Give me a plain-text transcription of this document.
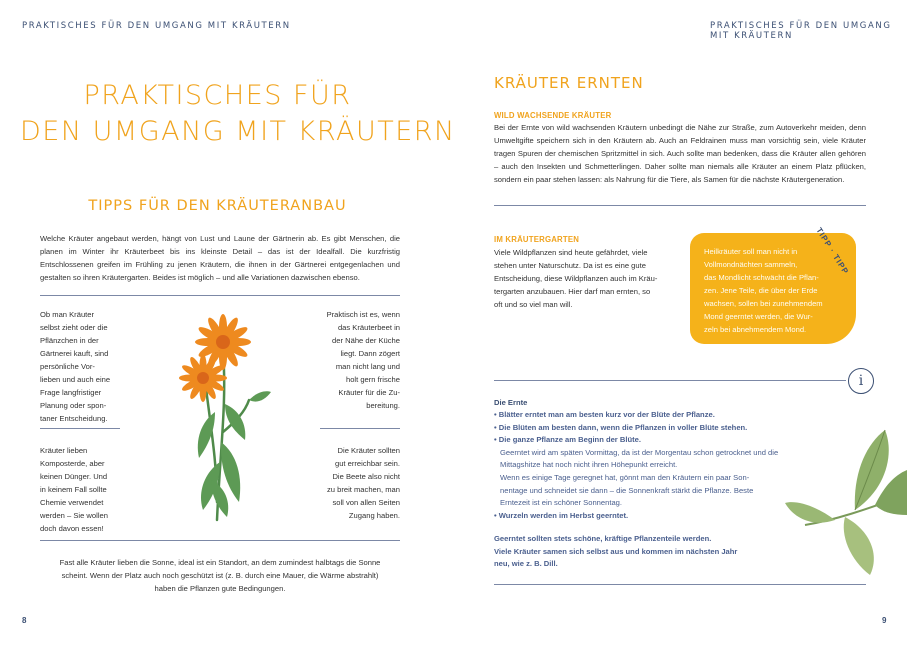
PRAKTISCHES FÜR DEN UMGANG MIT KRÄUTERN
PRAKTISCHES FÜR
DEN UMGANG MIT KRÄUTERN
TIPPS FÜR DEN KRÄUTERANBAU
Welche Kräuter angebaut werden, hängt von Lust und Laune der Gärtnerin ab. Es gibt Menschen, die planen im Winter ihr Kräuterbeet bis ins kleinste Detail – das ist der Idealfall. Die kurzfristig Entschlossenen greifen im Frühling zu jenen Kräutern, die ihnen in der Gärtnerei entgegenlachen und gestalten so ihren Kräutergarten. Beides ist möglich – und alle Variationen dazwischen ebenso.
Ob man Kräuter
selbst zieht oder die
Pflänzchen in der
Gärtnerei kauft, sind
persönliche Vor-
lieben und auch eine
Frage langfristiger
Planung oder spon-
taner Entscheidung.
Kräuter lieben
Komposterde, aber
keinen Dünger. Und
in keinem Fall sollte
Chemie verwendet
werden – Sie wollen
doch davon essen!
Praktisch ist es, wenn
das Kräuterbeet in
der Nähe der Küche
liegt. Dann zögert
man nicht lang und
holt gern frische
Kräuter für die Zu-
bereitung.
Die Kräuter sollten
gut erreichbar sein.
Die Beete also nicht
zu breit machen, man
soll von allen Seiten
Zugang haben.
Fast alle Kräuter lieben die Sonne, ideal ist ein Standort, an dem zumindest halbtags die Sonne
scheint. Wenn der Platz auch noch geschützt ist (z. B. durch eine Mauer, die Wärme abstrahlt)
haben die Pflanzen gute Bedingungen.
8
PRAKTISCHES FÜR DEN UMGANG MIT KRÄUTERN
KRÄUTER ERNTEN
WILD WACHSENDE KRÄUTER
Bei der Ernte von wild wachsenden Kräutern unbedingt die Nähe zur Straße, zum Autoverkehr meiden, denn Umweltgifte speichern sich in den Kräutern ab. Auch an Feldrainen muss man vorsichtig sein, viele Kräuter tragen Spuren der chemischen Spritzmittel in sich. Auch sollte man bedenken, dass die Kräuter allen gehören – auch den Insekten und Schmetterlingen. Daher sollte man niemals alle Kräuter an einem Platz pflücken, sondern ein paar stehen lassen: als Nahrung für die Tiere, als Samen für die nächste Kräutergeneration.
IM KRÄUTERGARTEN
Viele Wildpflanzen sind heute gefährdet, viele
stehen unter Naturschutz. Da ist es eine gute
Entscheidung, diese Wildpflanzen auch im Kräu-
tergarten anzubauen. Hier darf man ernten, so
oft und so viel man will.
TIPP · TIPP
Heilkräuter soll man nicht in
Vollmondnächten sammeln,
das Mondlicht schwächt die Pflan-
zen. Jene Teile, die über der Erde
wachsen, sollen bei zunehmendem
Mond geerntet werden, die Wur-
zeln bei abnehmendem Mond.
i
Die Ernte
• Blätter erntet man am besten kurz vor der Blüte der Pflanze.
• Die Blüten am besten dann, wenn die Pflanzen in voller Blüte stehen.
• Die ganze Pflanze am Beginn der Blüte.
Geerntet wird am späten Vormittag, da ist der Morgentau schon getrocknet und die
Mittagshitze hat noch nicht ihren Höhepunkt erreicht.
Wenn es einige Tage geregnet hat, gönnt man den Kräutern ein paar Son-
nentage und schneidet sie dann – die Sonnenkraft stärkt die Pflanze. Beste
Erntezeit ist ein schöner Sonnentag.
• Wurzeln werden im Herbst geerntet.
Geerntet sollten stets schöne, kräftige Pflanzenteile werden.
Viele Kräuter samen sich selbst aus und kommen im nächsten Jahr
neu, wie z. B. Dill.
9
